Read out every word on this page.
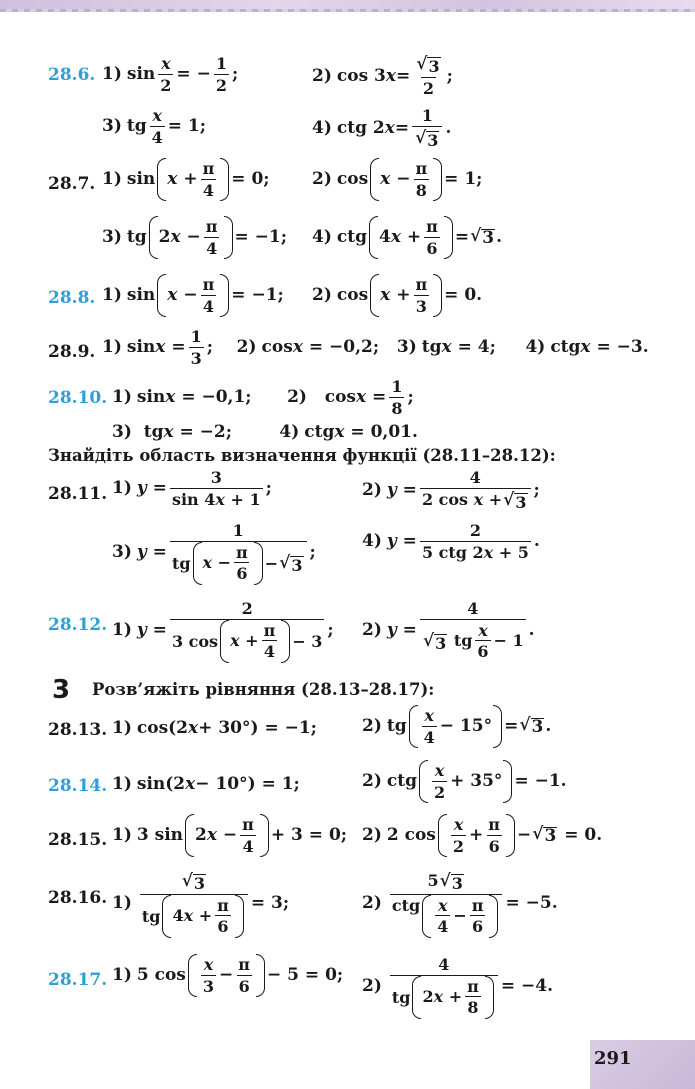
28.6. 1) $\sin \frac{x}{2}$ = − $\frac{1}{2}$ ;	2) cos 3 $x = \frac{√ 3}{2}$ ;
3) tg $\frac{x}{4} = 1$;	4) ctg 2 $x = \frac{1}{√ 3}$ .
28.7. 1) $\sin x + \frac{\pi}{4} = 0$; 2) $\cos x - \frac{\pi}{8} = 1$;
3) tg 2 $x - \frac{\pi}{4} = -1$; 4) ctg 4 $x + \frac{\pi}{6}$ = √ 3 .
28.8. 1) $\sin x - \frac{\pi}{4} = -1$; 2) $\cos x + \frac{\pi}{3} = 0$.
28.9. 1) $\sin x = \frac{1}{3}$ ; 2) cos x = −0,2; 3) tg x = 4; 4) ctg x = −3.
28.10. 1) sin x = −0,1; 2) $\cos x = \frac{1}{8}$ ;
3) tg x = −2; 4) ctg x = 0,01.
Знайдіть область визначення функції (28.11–28.12):
28.11. 1) $y = \frac{3}{\sin 4x + 1}$ ;	2) $y = \frac{4}{\text{2 cos x + √ 3}}$ ;
3) $y = \frac{1}{tg x - \frac{\pi}{6} - √ 3}$ ;
4) $y = \frac{2}{\text{5 ctg 2x + 5}}$ .
28.12. 1) $y = \frac{2}{3 \cos x + \frac{\pi}{4} - 3}$ ; 2) $y = \frac{4}{√ 3 tg \frac{x}{6} - 1}$ .
3	Розв’яжіть рівняння (28.13–28.17):
28.13. 1) cos(2 x + 30°) = −1;	2) tg $\frac{x}{4} - 15^\circ$ = √ 3 .
28.14. 1) sin(2 x − 10°) = 1;	2) ctg $\frac{x}{2} + 35^\circ = -1$.
28.15. 1) 3 sin 2 $x - \frac{\pi}{4} + 3 = 0$; 2) 2 $\cos \frac{x}{2} + \frac{\pi}{6}$ − √ 3 = 0.
28.16. $1) \frac{√ 3}{tg 4 x + \frac{\pi}{6}} = 3$;	$2) \frac{5 √ 3}{ctg \frac{x}{4} - \frac{\pi}{6}} = -5$.
28.17. 1) 5 $\cos \frac{x}{3} - \frac{\pi}{6} - 5 = 0$;
$2) \frac{4}{tg 2 x + \frac{\pi}{8}} = -4$.
291
